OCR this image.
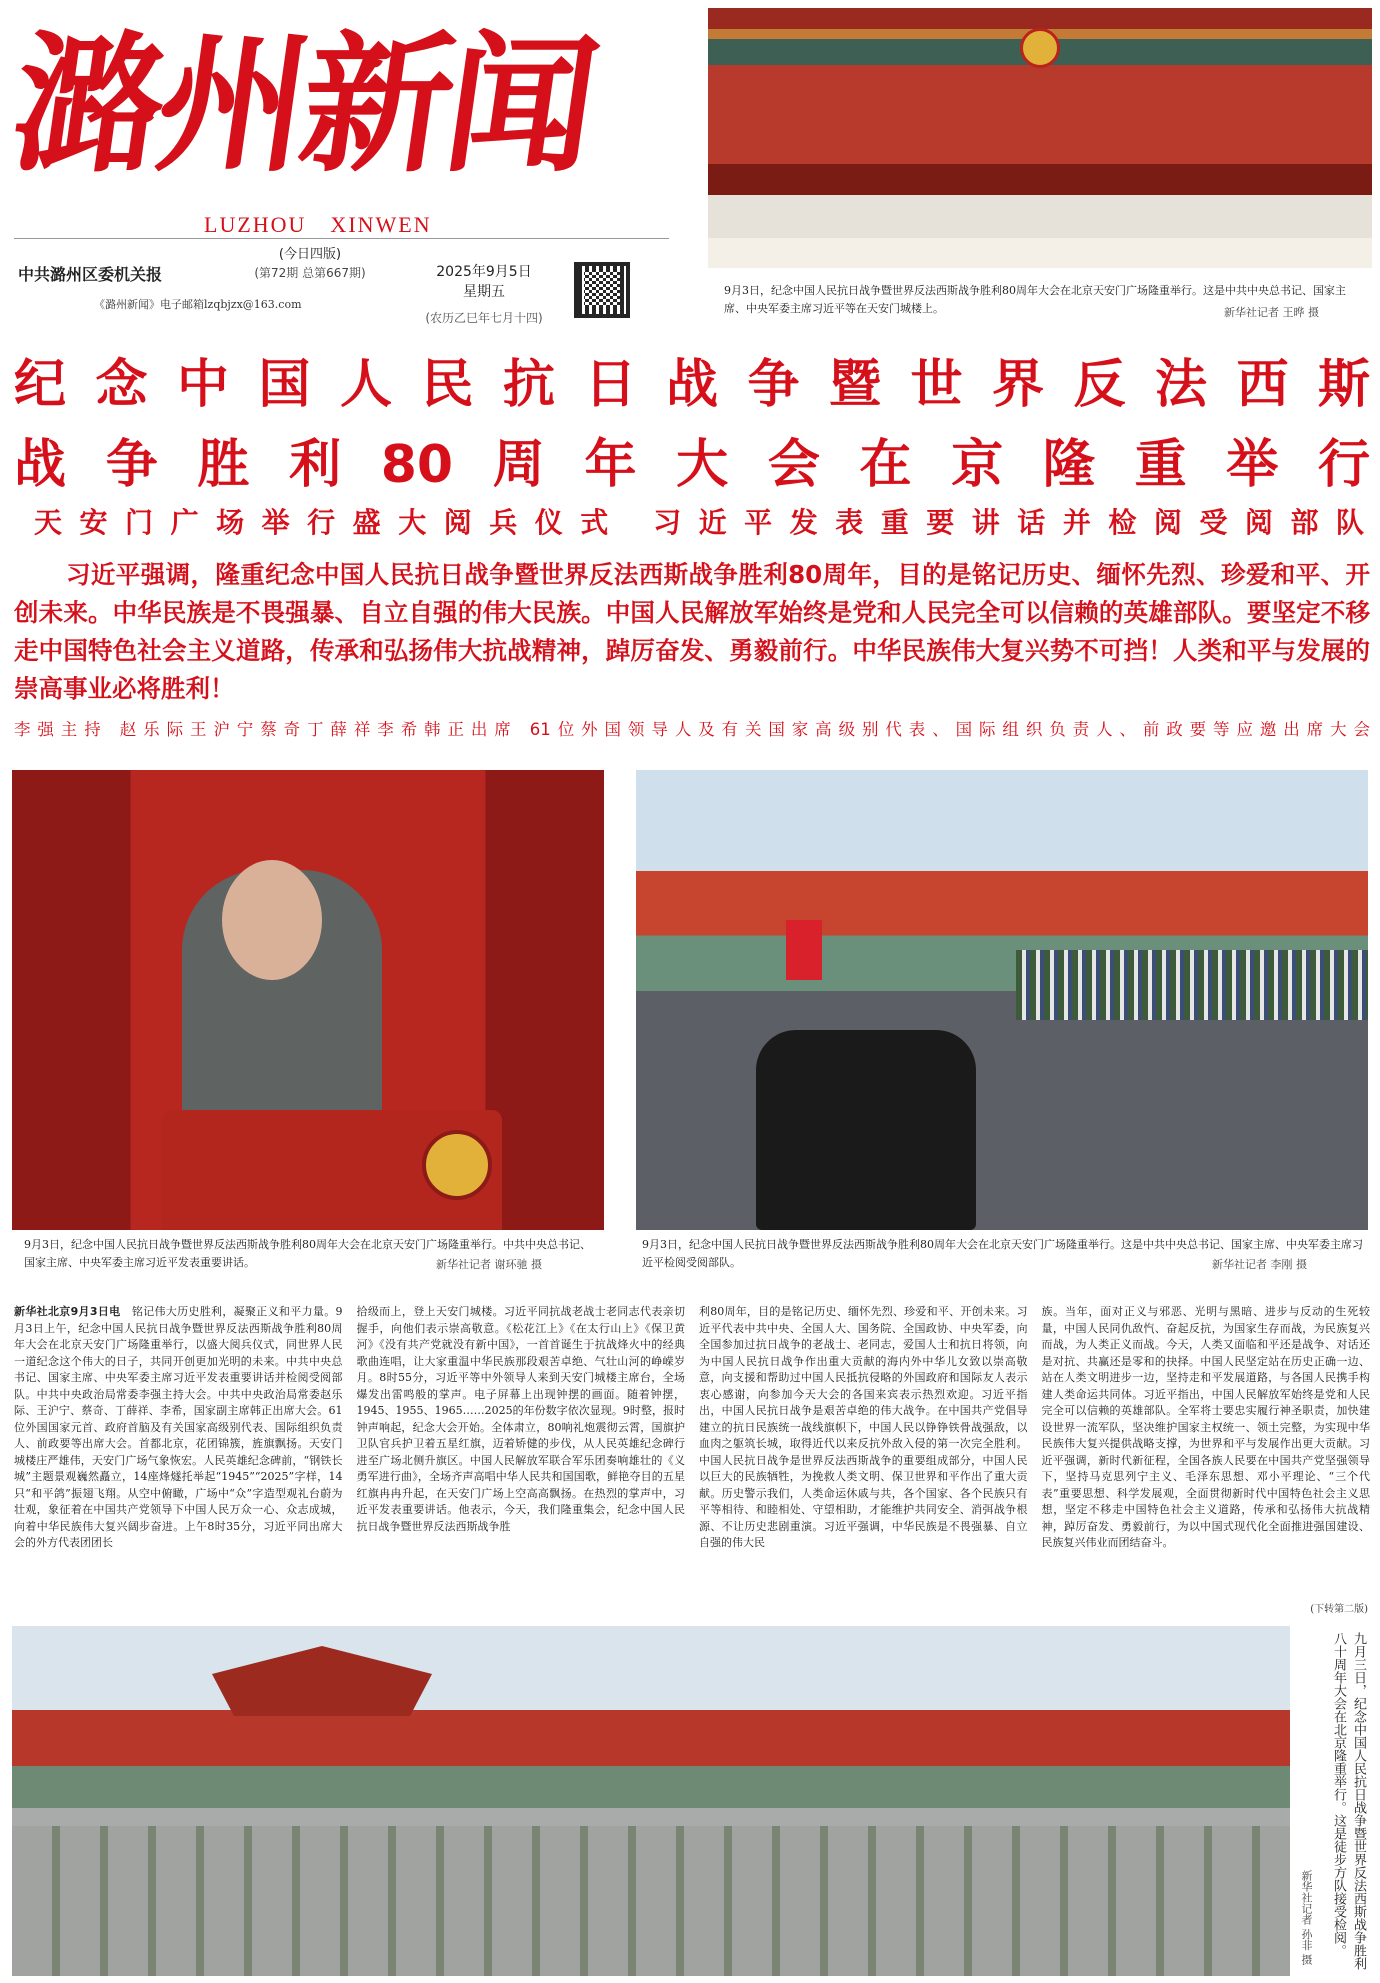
潞州新闻
LUZHOU　XINWEN
中共潞州区委机关报
《潞州新闻》电子邮箱lzqbjzx@163.com
(今日四版)
(第72期 总第667期)	2025年9月5日
星期五
(农历乙巳年七月十四)
9月3日，纪念中国人民抗日战争暨世界反法西斯战争胜利80周年大会在北京天安门广场隆重举行。这是中共中央总书记、国家主席、中央军委主席习近平等在天安门城楼上。	新华社记者 王晔 摄
纪念中国人民抗日战争暨世界反法西斯
战争胜利80周年大会在京隆重举行
天安门广场举行盛大阅兵仪式 习近平发表重要讲话并检阅受阅部队
习近平强调，隆重纪念中国人民抗日战争暨世界反法西斯战争胜利80周年，目的是铭记历史、缅怀先烈、珍爱和平、开创未来。中华民族是不畏强暴、自立自强的伟大民族。中国人民解放军始终是党和人民完全可以信赖的英雄部队。要坚定不移走中国特色社会主义道路，传承和弘扬伟大抗战精神，踔厉奋发、勇毅前行。中华民族伟大复兴势不可挡！人类和平与发展的崇高事业必将胜利！
李强主持 赵乐际王沪宁蔡奇丁薛祥李希韩正出席 61位外国领导人及有关国家高级别代表、国际组织负责人、前政要等应邀出席大会
9月3日，纪念中国人民抗日战争暨世界反法西斯战争胜利80周年大会在北京天安门广场隆重举行。中共中央总书记、国家主席、中央军委主席习近平发表重要讲话。	新华社记者 谢环驰 摄
9月3日，纪念中国人民抗日战争暨世界反法西斯战争胜利80周年大会在北京天安门广场隆重举行。这是中共中央总书记、国家主席、中央军委主席习近平检阅受阅部队。	新华社记者 李刚 摄
新华社北京9月3日电　 铭记伟大历史胜利，凝聚正义和平力量。9月3日上午，纪念中国人民抗日战争暨世界反法西斯战争胜利80周年大会在北京天安门广场隆重举行，以盛大阅兵仪式，同世界人民一道纪念这个伟大的日子，共同开创更加光明的未来。中共中央总书记、国家主席、中央军委主席习近平发表重要讲话并检阅受阅部队。中共中央政治局常委李强主持大会。中共中央政治局常委赵乐际、王沪宁、蔡奇、丁薛祥、李希，国家副主席韩正出席大会。61位外国国家元首、政府首脑及有关国家高级别代表、国际组织负责人、前政要等出席大会。首都北京，花团锦簇，旌旗飘扬。天安门城楼庄严雄伟，天安门广场气象恢宏。人民英雄纪念碑前，“钢铁长城”主题景观巍然矗立，14座烽燧托举起“1945”“2025”字样，14只“和平鸽”振翅飞翔。从空中俯瞰，广场中“众”字造型观礼台蔚为壮观，象征着在中国共产党领导下中国人民万众一心、众志成城，向着中华民族伟大复兴阔步奋进。上午8时35分，习近平同出席大会的外方代表团团长
拾级而上，登上天安门城楼。习近平同抗战老战士老同志代表亲切握手，向他们表示崇高敬意。《松花江上》《在太行山上》《保卫黄河》《没有共产党就没有新中国》，一首首诞生于抗战烽火中的经典歌曲连唱，让大家重温中华民族那段艰苦卓绝、气壮山河的峥嵘岁月。8时55分，习近平等中外领导人来到天安门城楼主席台，全场爆发出雷鸣般的掌声。电子屏幕上出现钟摆的画面。随着钟摆，1945、1955、1965……2025的年份数字依次显现。9时整，报时钟声响起，纪念大会开始。全体肃立，80响礼炮震彻云霄，国旗护卫队官兵护卫着五星红旗，迈着矫健的步伐，从人民英雄纪念碑行进至广场北侧升旗区。中国人民解放军联合军乐团奏响雄壮的《义勇军进行曲》，全场齐声高唱中华人民共和国国歌，鲜艳夺目的五星红旗冉冉升起，在天安门广场上空高高飘扬。在热烈的掌声中，习近平发表重要讲话。他表示，今天，我们隆重集会，纪念中国人民抗日战争暨世界反法西斯战争胜
利80周年，目的是铭记历史、缅怀先烈、珍爱和平、开创未来。习近平代表中共中央、全国人大、国务院、全国政协、中央军委，向全国参加过抗日战争的老战士、老同志，爱国人士和抗日将领，向为中国人民抗日战争作出重大贡献的海内外中华儿女致以崇高敬意，向支援和帮助过中国人民抵抗侵略的外国政府和国际友人表示衷心感谢，向参加今天大会的各国来宾表示热烈欢迎。习近平指出，中国人民抗日战争是艰苦卓绝的伟大战争。在中国共产党倡导建立的抗日民族统一战线旗帜下，中国人民以铮铮铁骨战强敌，以血肉之躯筑长城，取得近代以来反抗外敌入侵的第一次完全胜利。中国人民抗日战争是世界反法西斯战争的重要组成部分，中国人民以巨大的民族牺牲，为挽救人类文明、保卫世界和平作出了重大贡献。历史警示我们，人类命运休戚与共，各个国家、各个民族只有平等相待、和睦相处、守望相助，才能维护共同安全、消弭战争根源、不让历史悲剧重演。习近平强调，中华民族是不畏强暴、自立自强的伟大民
族。当年，面对正义与邪恶、光明与黑暗、进步与反动的生死较量，中国人民同仇敌忾、奋起反抗，为国家生存而战，为民族复兴而战，为人类正义而战。今天，人类又面临和平还是战争、对话还是对抗、共赢还是零和的抉择。中国人民坚定站在历史正确一边、站在人类文明进步一边，坚持走和平发展道路，与各国人民携手构建人类命运共同体。习近平指出，中国人民解放军始终是党和人民完全可以信赖的英雄部队。全军将士要忠实履行神圣职责，加快建设世界一流军队，坚决维护国家主权统一、领土完整，为实现中华民族伟大复兴提供战略支撑，为世界和平与发展作出更大贡献。习近平强调，新时代新征程，全国各族人民要在中国共产党坚强领导下，坚持马克思列宁主义、毛泽东思想、邓小平理论、“三个代表”重要思想、科学发展观，全面贯彻新时代中国特色社会主义思想，坚定不移走中国特色社会主义道路，传承和弘扬伟大抗战精神，踔厉奋发、勇毅前行，为以中国式现代化全面推进强国建设、民族复兴伟业而团结奋斗。
(下转第二版)
九月三日，纪念中国人民抗日战争暨世界反法西斯战争胜利八十周年大会在北京隆重举行。这是徒步方队接受检阅。
新华社记者 孙非 摄
